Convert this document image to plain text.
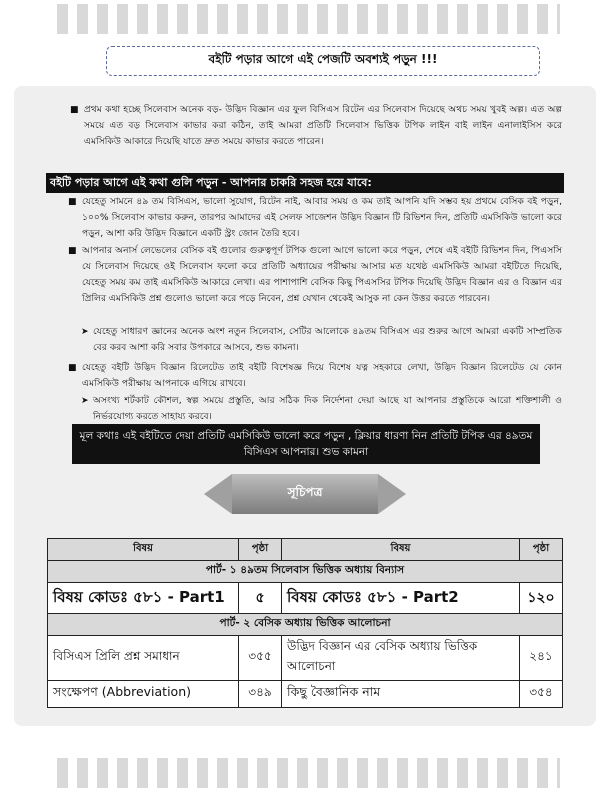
বইটি পড়ার আগে এই পেজটি অবশ্যই পড়ুন !!!
■ প্রথম কথা হচ্ছে সিলেবাস অনেক বড়- উদ্ভিদ বিজ্ঞান এর ফুল বিসিএস রিটেন এর সিলেবাস দিয়েছে অথচ সময় খুবই অল্প। এত অল্প সময়ে এত বড় সিলেবাস কাভার করা কঠিন, তাই আমরা প্রতিটি সিলেবাস ভিত্তিক টপিক লাইন বাই লাইন এনালাইসিস করে এমসিকিউ আকারে দিয়েছি যাতে দ্রুত সময়ে কাভার করতে পারেন।
বইটি পড়ার আগে এই কথা গুলি পড়ুন - আপনার চাকরি সহজ হয়ে যাবে:
■ যেহেতু সামনে ৪৯ তম বিসিএস, ভালো সুযোগ, রিটেন নাই, আবার সময় ও কম তাই আপনি যদি সম্ভব হয় প্রথমে বেসিক বই পড়ুন, ১০০% সিলেবাস কাভার করুন, তারপর আমাদের এই সেলফ সাজেশন উদ্ভিদ বিজ্ঞান টি রিভিশন দিন, প্রতিটি এমসিকিউ ভালো করে পড়ুন, আশা করি উদ্ভিদ বিজ্ঞানে একটি স্ট্রং জোন তৈরি হবে।
■ আপনার অনার্স লেভেলের বেসিক বই গুলোর গুরুত্বপূর্ণ টপিক গুলো আগে ভালো করে পড়ুন, শেষে এই বইটি রিভিশন দিন, পিএসসি যে সিলেবাস দিয়েছে ওই সিলেবাস ফলো করে প্রতিটি অধ্যায়ের পরীক্ষায় আসার মত যথেষ্ঠ এমসিকিউ আমরা বইটিতে দিয়েছি, যেহেতু সময় কম তাই এমসিকিউ আকারে লেখা। এর পাশাপাশি বেসিক কিছু পিএসসির টপিক দিয়েছি উদ্ভিদ বিজ্ঞান এর ও বিজ্ঞান এর প্রিলির এমসিকিউ প্রশ্ন গুলোও ভালো করে পড়ে নিবেন, প্রশ্ন যেখান থেকেই আসুক না কেন উত্তর করতে পারবেন।
➤ যেহেতু সাধারণ জ্ঞানের অনেক অংশ নতুন সিলেবাস, সেটির আলোকে ৪৯তম বিসিএস এর শুরুর আগে আমরা একটি সাম্প্রতিক বের করব আশা করি সবার উপকারে আসবে, শুভ কামনা।
■ যেহেতু বইটি উদ্ভিদ বিজ্ঞান রিলেটেড তাই বইটি বিশেষজ্ঞ দিয়ে বিশেষ যত্ন সহকারে লেখা, উদ্ভিদ বিজ্ঞান রিলেটেড যে কোন এমসিকিউ পরীক্ষায় আপনাকে এগিয়ে রাখবে।
➤ অসংখ্য শর্টকাট কৌশল, স্বল্প সময়ে প্রস্তুতি, আর সঠিক দিক নির্দেশনা দেয়া আছে যা আপনার প্রস্তুতিকে আরো শক্তিশালী ও নির্ভরযোগ্য করতে সাহায্য করবে।
মূল কথাঃ এই বইটিতে দেয়া প্রতিটি এমসিকিউ ভালো করে পড়ুন , ক্লিয়ার ধারণা নিন প্রতিটি টপিক এর ৪৯তম বিসিএস আপনার। শুভ কামনা
সূচিপত্র
বিষয়	পৃষ্ঠা	বিষয়	পৃষ্ঠা
পার্ট- ১ ৪৯তম সিলেবাস ভিত্তিক অধ্যায় বিন্যাস			
বিষয় কোডঃ ৫৮১ - Part1	৫	বিষয় কোডঃ ৫৮১ - Part2	১২০
পার্ট- ২ বেসিক অধ্যায় ভিত্তিক আলোচনা			
বিসিএস প্রিলি প্রশ্ন সমাধান	৩৫৫	উদ্ভিদ বিজ্ঞান এর বেসিক অধ্যায় ভিত্তিক আলোচনা	২৪১
সংক্ষেপণ (Abbreviation)	৩৪৯	কিছু বৈজ্ঞানিক নাম	৩৫৪
